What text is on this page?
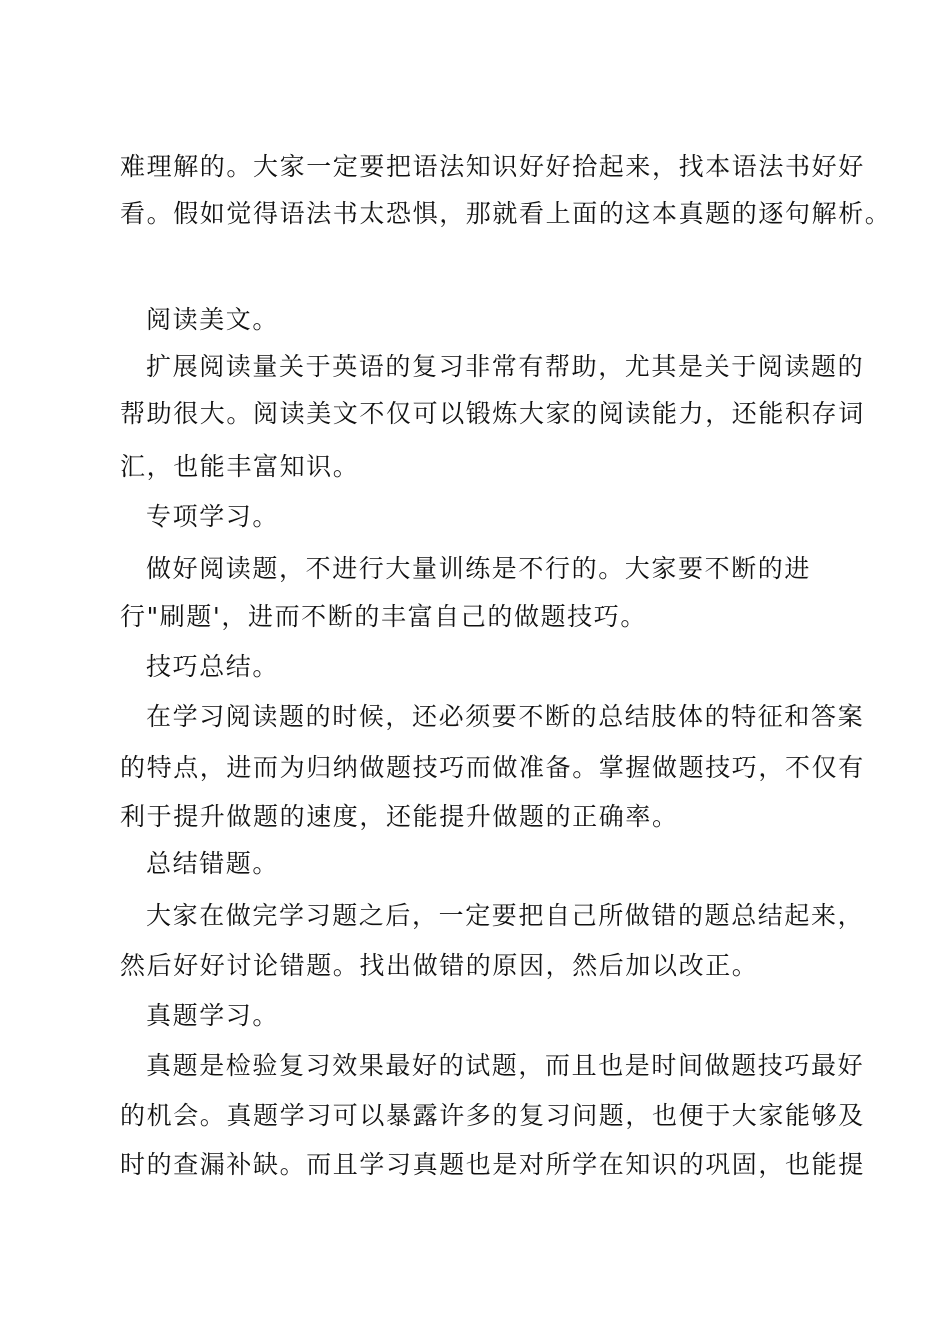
难理解的。大家一定要把语法知识好好拾起来，找本语法书好好
看。假如觉得语法书太恐惧，那就看上面的这本真题的逐句解析。
阅读美文。
扩展阅读量关于英语的复习非常有帮助，尤其是关于阅读题的
帮助很大。阅读美文不仅可以锻炼大家的阅读能力，还能积存词
汇，也能丰富知识。
专项学习。
做好阅读题，不进行大量训练是不行的。大家要不断的进
行"刷题'，进而不断的丰富自己的做题技巧。
技巧总结。
在学习阅读题的时候，还必须要不断的总结肢体的特征和答案
的特点，进而为归纳做题技巧而做准备。掌握做题技巧，不仅有
利于提升做题的速度，还能提升做题的正确率。
总结错题。
大家在做完学习题之后，一定要把自己所做错的题总结起来，
然后好好讨论错题。找出做错的原因，然后加以改正。
真题学习。
真题是检验复习效果最好的试题，而且也是时间做题技巧最好
的机会。真题学习可以暴露许多的复习问题，也便于大家能够及
时的查漏补缺。而且学习真题也是对所学在知识的巩固，也能提
